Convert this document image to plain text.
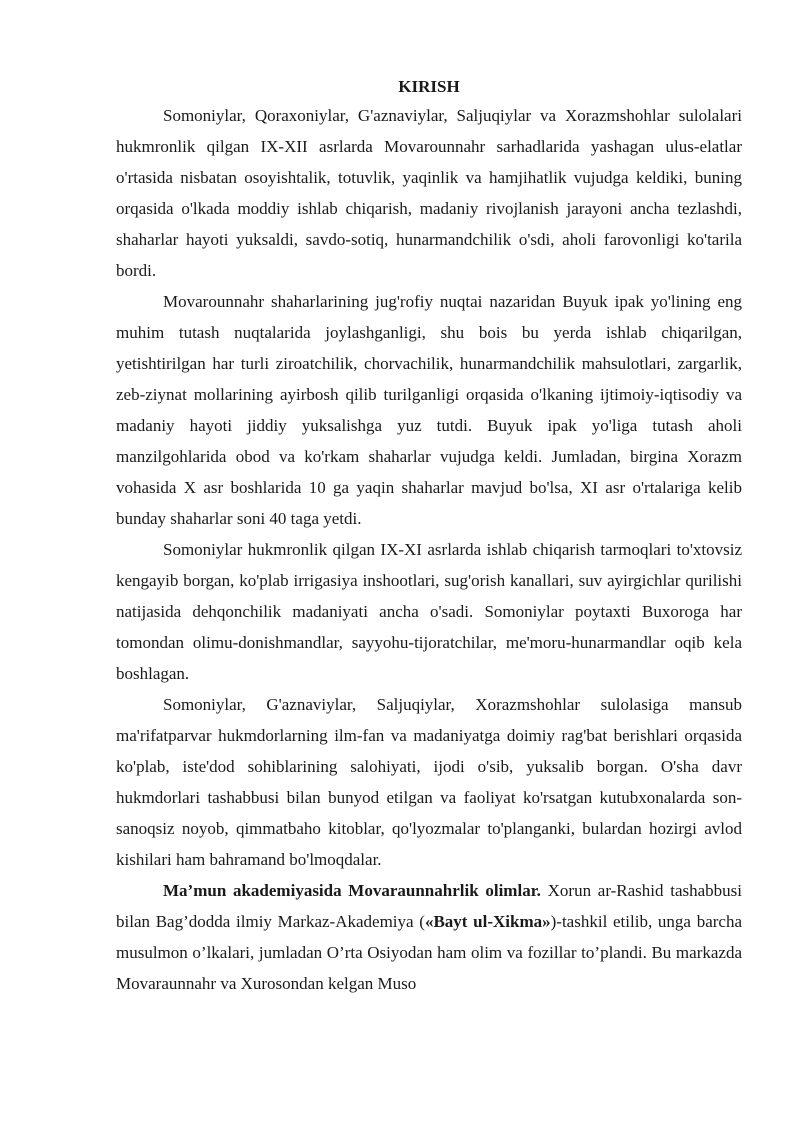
KIRISH

Somoniylar, Qoraxoniylar, G'aznaviylar, Saljuqiylar va Xorazmshohlar sulolalari hukmronlik qilgan IX-XII asrlarda Movarounnahr sarhadlarida yashagan ulus-elatlar o'rtasida nisbatan osoyishtalik, totuvlik, yaqinlik va hamjihatlik vujudga keldiki, buning orqasida o'lkada moddiy ishlab chiqarish, madaniy rivojlanish jarayoni ancha tezlashdi, shaharlar hayoti yuksaldi, savdo-sotiq, hunarmandchilik o'sdi, aholi farovonligi ko'tarila bordi.

Movarounnahr shaharlarining jug'rofiy nuqtai nazaridan Buyuk ipak yo'lining eng muhim tutash nuqtalarida joylashganligi, shu bois bu yerda ishlab chiqarilgan, yetishtirilgan har turli ziroatchilik, chorvachilik, hunarmandchilik mahsulotlari, zargarlik, zeb-ziynat mollarining ayirbosh qilib turilganligi orqasida o'lkaning ijtimoiy-iqtisodiy va madaniy hayoti jiddiy yuksalishga yuz tutdi. Buyuk ipak yo'liga tutash aholi manzilgohlarida obod va ko'rkam shaharlar vujudga keldi. Jumladan, birgina Xorazm vohasida X asr boshlarida 10 ga yaqin shaharlar mavjud bo'lsa, XI asr o'rtalariga kelib bunday shaharlar soni 40 taga yetdi.

Somoniylar hukmronlik qilgan IX-XI asrlarda ishlab chiqarish tarmoqlari to'xtovsiz kengayib borgan, ko'plab irrigasiya inshootlari, sug'orish kanallari, suv ayirgichlar qurilishi natijasida dehqonchilik madaniyati ancha o'sadi. Somoniylar poytaxti Buxoroga har tomondan olimu-donishmandlar, sayyohu-tijoratchilar, me'moru-hunarmandlar oqib kela boshlagan.

Somoniylar, G'aznaviylar, Saljuqiylar, Xorazmshohlar sulolasiga mansub ma'rifatparvar hukmdorlarning ilm-fan va madaniyatga doimiy rag'bat berishlari orqasida ko'plab, iste'dod sohiblarining salohiyati, ijodi o'sib, yuksalib borgan. O'sha davr hukmdorlari tashabbusi bilan bunyod etilgan va faoliyat ko'rsatgan kutubxonalarda son-sanoqsiz noyob, qimmatbaho kitoblar, qo'lyozmalar to'planganki, bulardan hozirgi avlod kishilari ham bahramand bo'lmoqdalar.

Ma’mun akademiyasida Movaraunnahrlik olimlar. Xorun ar-Rashid tashabbusi bilan Bag’dodda ilmiy Markaz-Akademiya («Bayt ul-Xikma»)-tashkil etilib, unga barcha musulmon o’lkalari, jumladan O’rta Osiyodan ham olim va fozillar to’plandi. Bu markazda Movaraunnahr va Xurosondan kelgan Muso
